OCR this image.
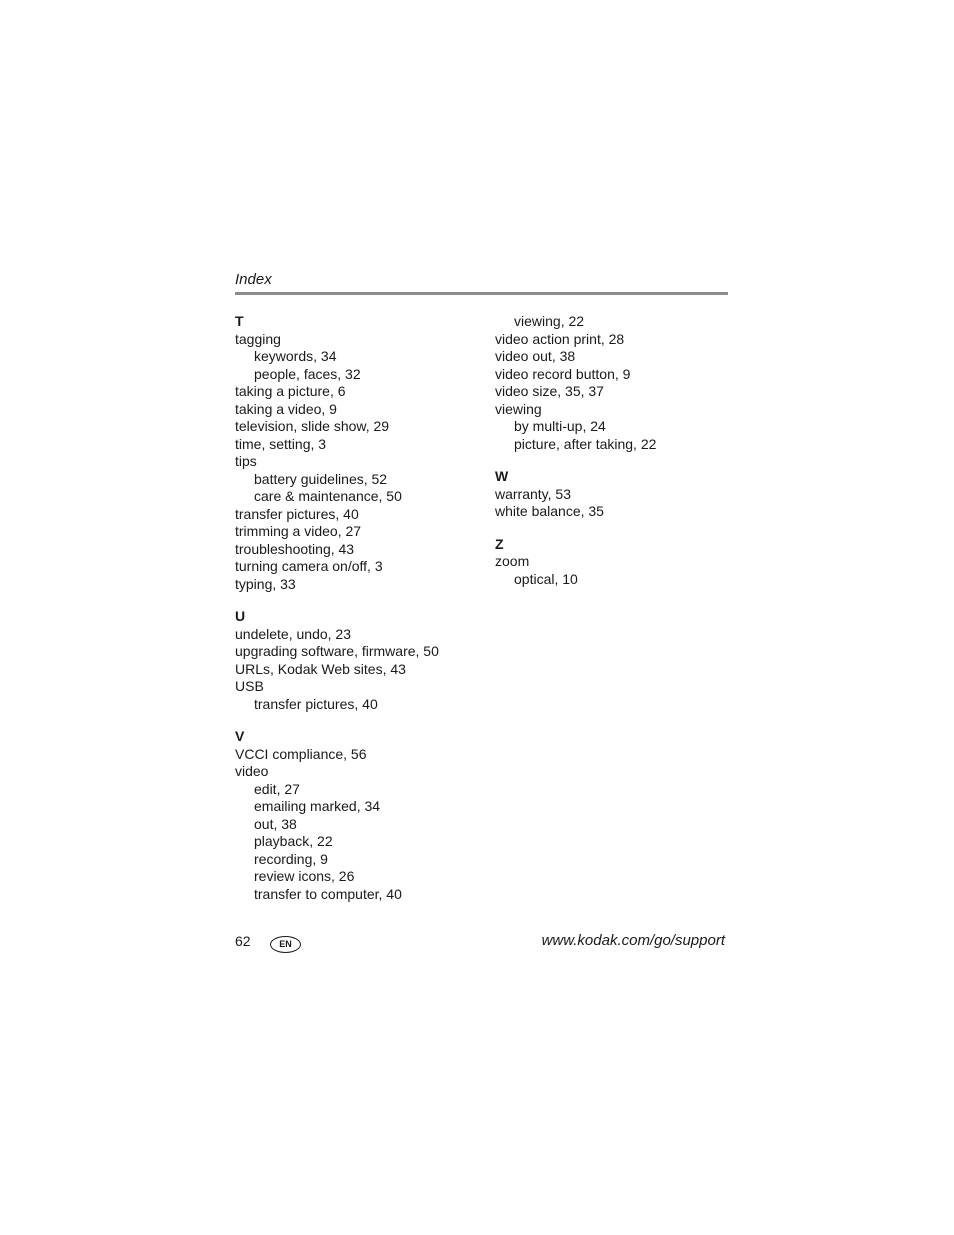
Index
T
tagging
keywords, 34
people, faces, 32
taking a picture, 6
taking a video, 9
television, slide show, 29
time, setting, 3
tips
battery guidelines, 52
care & maintenance, 50
transfer pictures, 40
trimming a video, 27
troubleshooting, 43
turning camera on/off, 3
typing, 33
U
undelete, undo, 23
upgrading software, firmware, 50
URLs, Kodak Web sites, 43
USB
transfer pictures, 40
V
VCCI compliance, 56
video
edit, 27
emailing marked, 34
out, 38
playback, 22
recording, 9
review icons, 26
transfer to computer, 40
viewing, 22
video action print, 28
video out, 38
video record button, 9
video size, 35, 37
viewing
by multi-up, 24
picture, after taking, 22
W
warranty, 53
white balance, 35
Z
zoom
optical, 10
62	EN	www.kodak.com/go/support
